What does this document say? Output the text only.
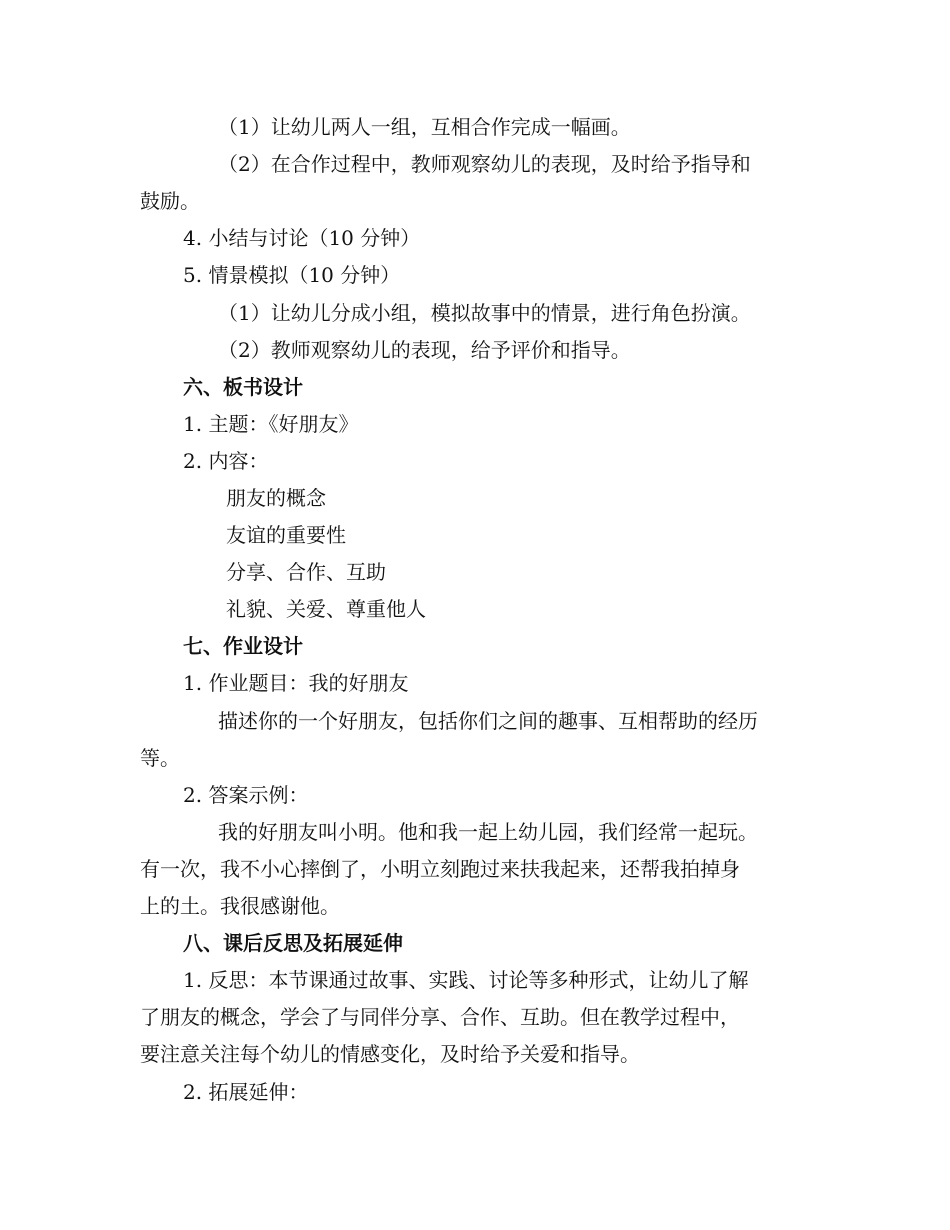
（1）让幼儿两人一组，互相合作完成一幅画。
（2）在合作过程中，教师观察幼儿的表现，及时给予指导和
鼓励。
4. 小结与讨论（10 分钟）
5. 情景模拟（10 分钟）
（1）让幼儿分成小组，模拟故事中的情景，进行角色扮演。
（2）教师观察幼儿的表现，给予评价和指导。
六、板书设计
1. 主题：《好朋友》
2. 内容：
朋友的概念
友谊的重要性
分享、合作、互助
礼貌、关爱、尊重他人
七、作业设计
1. 作业题目：我的好朋友
描述你的一个好朋友，包括你们之间的趣事、互相帮助的经历
等。
2. 答案示例：
我的好朋友叫小明。他和我一起上幼儿园，我们经常一起玩。
有一次，我不小心摔倒了，小明立刻跑过来扶我起来，还帮我拍掉身
上的土。我很感谢他。
八、课后反思及拓展延伸
1. 反思：本节课通过故事、实践、讨论等多种形式，让幼儿了解
了朋友的概念，学会了与同伴分享、合作、互助。但在教学过程中，
要注意关注每个幼儿的情感变化，及时给予关爱和指导。
2. 拓展延伸：
